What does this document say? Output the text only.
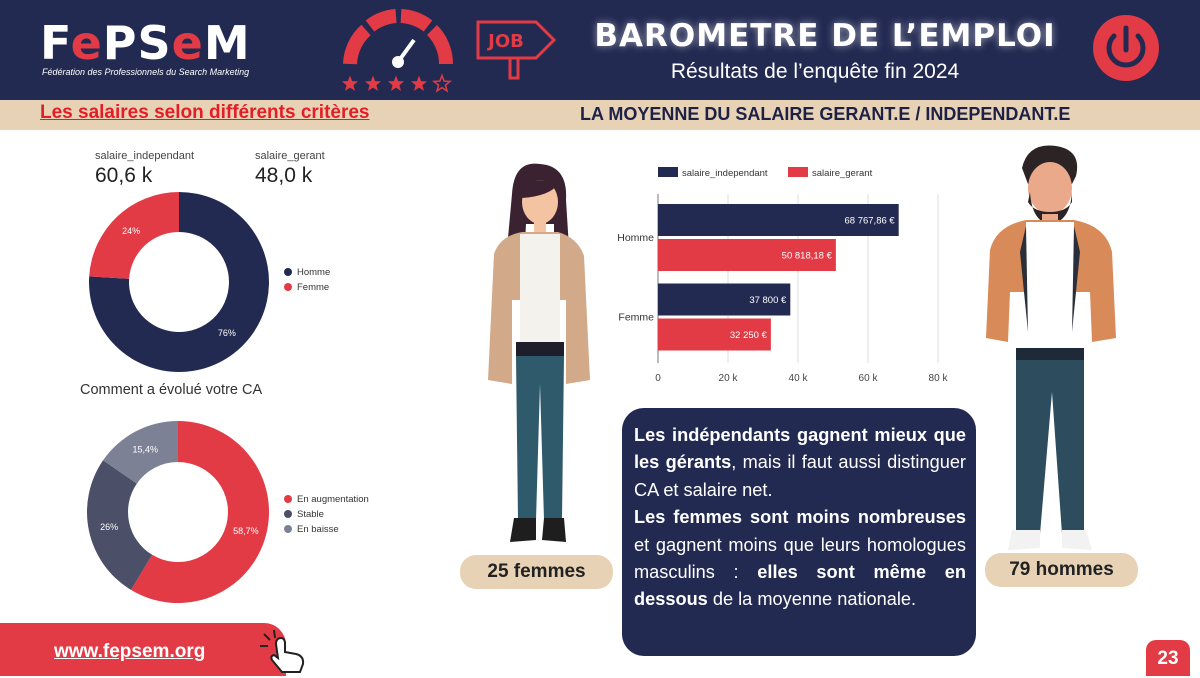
FePSeM
Fédération des Professionnels du Search Marketing
JOB	BAROMETRE DE L’EMPLOI
Résultats de l’enquête fin 2024
Les salaires selon différents critères	LA MOYENNE DU SALAIRE GERANT.E / INDEPENDANT.E
salaire_independant
60,6 k
salaire_gerant
48,0 k
76%
24%
Homme
Femme
Comment a évolué votre CA
58,7%
26%
15,4%
En augmentation
Stable
En baisse
0	20 k	40 k	60 k	80 k
salaire_independant	salaire_gerant
68 767,86 €
50 818,18 €
Homme
37 800 €
32 250 €
Femme
25 femmes	79 hommes

Les indépendants gagnent mieux que les gérants, mais il faut aussi distinguer CA et salaire net.

Les femmes sont moins nombreuses et gagnent moins que leurs homologues masculins : elles sont même en dessous de la moyenne nationale.

www.fepsem.org	23
